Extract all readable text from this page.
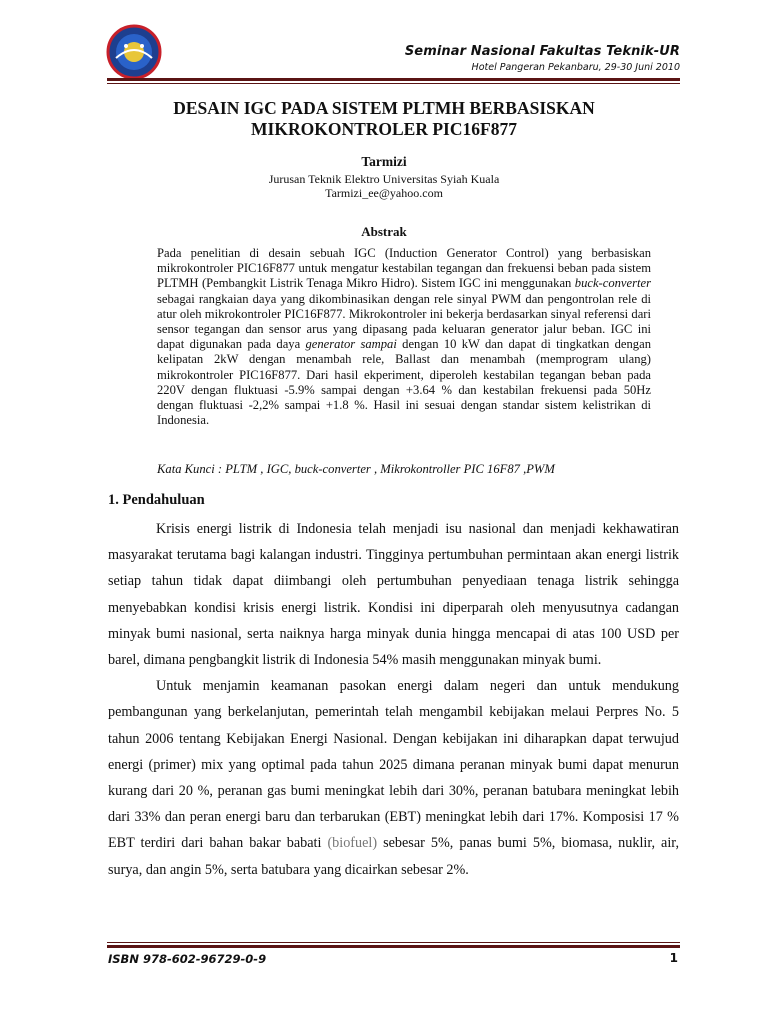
Seminar Nasional Fakultas Teknik-UR
Hotel Pangeran Pekanbaru, 29-30 Juni 2010
DESAIN IGC PADA SISTEM PLTMH BERBASISKAN
MIKROKONTROLER PIC16F877
Tarmizi
Jurusan Teknik Elektro Universitas Syiah Kuala
Tarmizi_ee@yahoo.com
Abstrak

Pada penelitian di desain sebuah IGC (Induction Generator Control) yang berbasiskan mikrokontroler PIC16F877 untuk mengatur kestabilan tegangan dan frekuensi beban pada sistem PLTMH (Pembangkit Listrik Tenaga Mikro Hidro). Sistem IGC ini menggunakan buck-converter sebagai rangkaian daya yang dikombinasikan dengan rele sinyal PWM dan pengontrolan rele di atur oleh mikrokontroler PIC16F877. Mikrokontroler ini bekerja berdasarkan sinyal referensi dari sensor tegangan dan sensor arus yang dipasang pada keluaran generator jalur beban. IGC ini dapat digunakan pada daya generator sampai dengan 10 kW dan dapat di tingkatkan dengan kelipatan 2kW dengan menambah rele, Ballast dan menambah (memprogram ulang) mikrokontroler PIC16F877. Dari hasil ekperiment, diperoleh kestabilan tegangan beban pada 220V dengan fluktuasi -5.9% sampai dengan +3.64 % dan kestabilan frekuensi pada 50Hz dengan fluktuasi -2,2% sampai +1.8 %. Hasil ini sesuai dengan standar sistem kelistrikan di Indonesia.

Kata Kunci : PLTM , IGC, buck-converter , Mikrokontroller PIC 16F87 ,PWM

1. Pendahuluan

Krisis energi listrik di Indonesia telah menjadi isu nasional dan menjadi kekhawatiran masyarakat terutama bagi kalangan industri. Tingginya pertumbuhan permintaan akan energi listrik setiap tahun tidak dapat diimbangi oleh pertumbuhan penyediaan tenaga listrik sehingga menyebabkan kondisi krisis energi listrik. Kondisi ini diperparah oleh menyusutnya cadangan minyak bumi nasional, serta naiknya harga minyak dunia hingga mencapai di atas 100 USD per barel, dimana pengbangkit listrik di Indonesia 54% masih menggunakan minyak bumi.

Untuk menjamin keamanan pasokan energi dalam negeri dan untuk mendukung pembangunan yang berkelanjutan, pemerintah telah mengambil kebijakan melaui Perpres No. 5 tahun 2006 tentang Kebijakan Energi Nasional. Dengan kebijakan ini diharapkan dapat terwujud energi (primer) mix yang optimal pada tahun 2025 dimana peranan minyak bumi dapat menurun kurang dari 20 %, peranan gas bumi meningkat lebih dari 30%, peranan batubara meningkat lebih dari 33% dan peran energi baru dan terbarukan (EBT) meningkat lebih dari 17%. Komposisi 17 % EBT terdiri dari bahan bakar babati (biofuel) sebesar 5%, panas bumi 5%, biomasa, nuklir, air, surya, dan angin 5%, serta batubara yang dicairkan sebesar 2%.

ISBN 978-602-96729-0-9	1
